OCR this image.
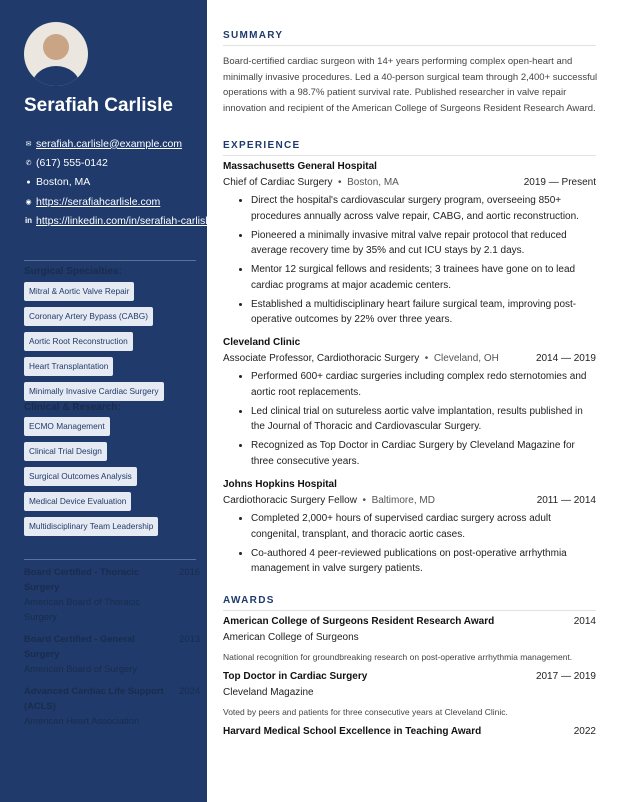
Serafiah Carlisle
✉ serafiah.carlisle@example.com
✆ (617) 555-0142
● Boston, MA
◉ https://serafiahcarlisle.com
in https://linkedin.com/in/serafiah-carlisle
Surgical Specialties:
Mitral & Aortic Valve Repair
Coronary Artery Bypass (CABG)
Aortic Root Reconstruction
Heart Transplantation
Minimally Invasive Cardiac Surgery
Clinical & Research:
ECMO Management
Clinical Trial Design
Surgical Outcomes Analysis
Medical Device Evaluation
Multidisciplinary Team Leadership
Board Certified - Thoracic Surgery
2016
American Board of Thoracic Surgery
Board Certified - General Surgery
2013
American Board of Surgery
Advanced Cardiac Life Support (ACLS)
2024
American Heart Association
SUMMARY
Board-certified cardiac surgeon with 14+ years performing complex open-heart and minimally invasive procedures. Led a 40-person surgical team through 2,400+ successful operations with a 98.7% patient survival rate. Published researcher in valve repair innovation and recipient of the American College of Surgeons Resident Research Award.
EXPERIENCE
Massachusetts General Hospital
Chief of Cardiac Surgery  •  Boston, MA	2019 — Present
• Direct the hospital's cardiovascular surgery program, overseeing 850+ procedures annually across valve repair, CABG, and aortic reconstruction.
• Pioneered a minimally invasive mitral valve repair protocol that reduced average recovery time by 35% and cut ICU stays by 2.1 days.
• Mentor 12 surgical fellows and residents; 3 trainees have gone on to lead cardiac programs at major academic centers.
• Established a multidisciplinary heart failure surgical team, improving post-operative outcomes by 22% over three years.
Cleveland Clinic
Associate Professor, Cardiothoracic Surgery  •  Cleveland, OH	2014 — 2019
• Performed 600+ cardiac surgeries including complex redo sternotomies and aortic root replacements.
• Led clinical trial on sutureless aortic valve implantation, results published in the Journal of Thoracic and Cardiovascular Surgery.
• Recognized as Top Doctor in Cardiac Surgery by Cleveland Magazine for three consecutive years.
Johns Hopkins Hospital
Cardiothoracic Surgery Fellow  •  Baltimore, MD	2011 — 2014
• Completed 2,000+ hours of supervised cardiac surgery across adult congenital, transplant, and thoracic aortic cases.
• Co-authored 4 peer-reviewed publications on post-operative arrhythmia management in valve surgery patients.
AWARDS
American College of Surgeons Resident Research Award	2014
American College of Surgeons
National recognition for groundbreaking research on post-operative arrhythmia management.
Top Doctor in Cardiac Surgery	2017 — 2019
Cleveland Magazine
Voted by peers and patients for three consecutive years at Cleveland Clinic.
Harvard Medical School Excellence in Teaching Award	2022
